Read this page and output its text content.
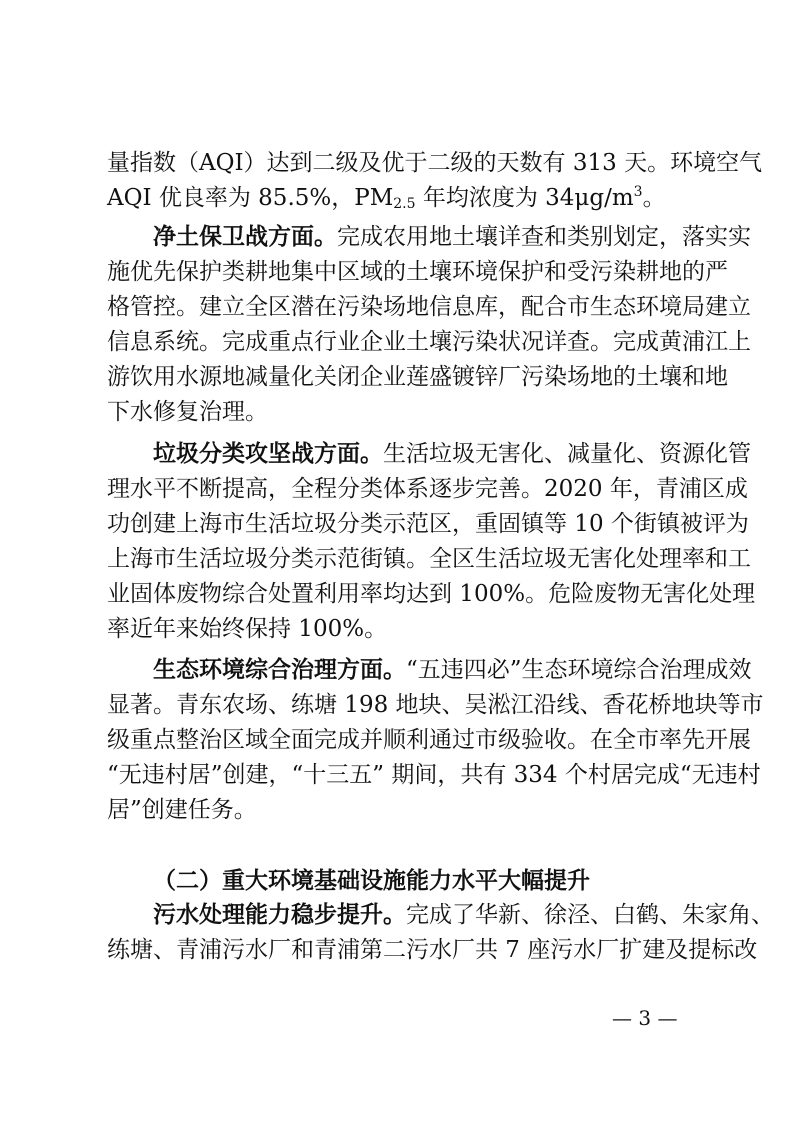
量指数（AQI）达到二级及优于二级的天数有 313 天。环境空气
AQI 优良率为 85.5%，$PM_{2.5}$ 年均浓度为 $34\mu g/m^3$。
净土保卫战方面。完成农用地土壤详查和类别划定，落实实
施优先保护类耕地集中区域的土壤环境保护和受污染耕地的严
格管控。建立全区潜在污染场地信息库，配合市生态环境局建立
信息系统。完成重点行业企业土壤污染状况详查。完成黄浦江上
游饮用水源地减量化关闭企业莲盛镀锌厂污染场地的土壤和地
下水修复治理。
垃圾分类攻坚战方面。生活垃圾无害化、减量化、资源化管
理水平不断提高，全程分类体系逐步完善。2020 年，青浦区成
功创建上海市生活垃圾分类示范区，重固镇等 10 个街镇被评为
上海市生活垃圾分类示范街镇。全区生活垃圾无害化处理率和工
业固体废物综合处置利用率均达到 100%。危险废物无害化处理
率近年来始终保持 100%。
生态环境综合治理方面。“五违四必”生态环境综合治理成效
显著。青东农场、练塘 198 地块、吴淞江沿线、香花桥地块等市
级重点整治区域全面完成并顺利通过市级验收。在全市率先开展
“无违村居”创建，“十三五” 期间，共有 334 个村居完成“无违村
居”创建任务。
（二）重大环境基础设施能力水平大幅提升
污水处理能力稳步提升。完成了华新、徐泾、白鹤、朱家角、
练塘、青浦污水厂和青浦第二污水厂共 7 座污水厂扩建及提标改
— 3 —
